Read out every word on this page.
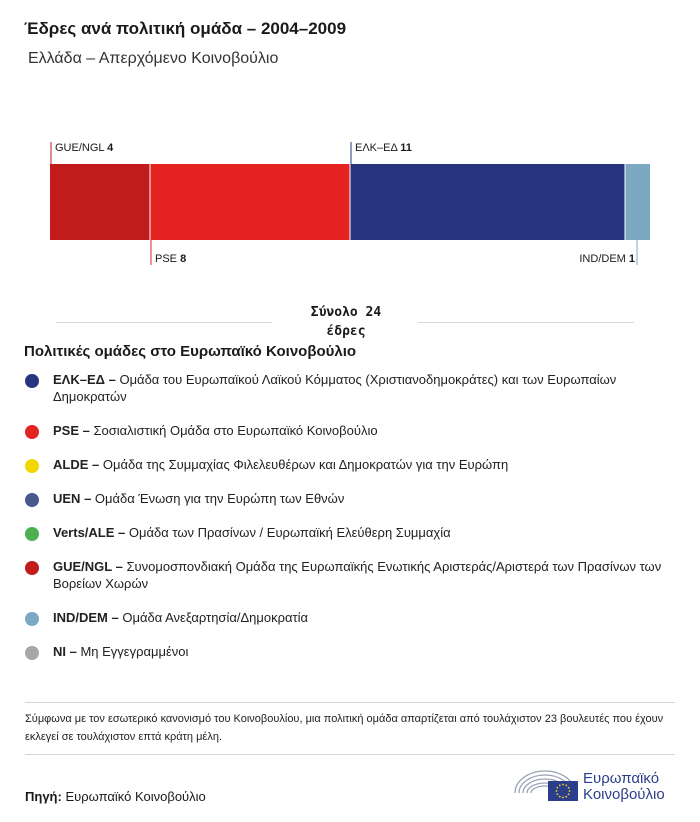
Έδρες ανά πολιτική ομάδα – 2004–2009
Ελλάδα – Απερχόμενο Κοινοβούλιο
GUE/NGL 4
PSE 8
ΕΛΚ–ΕΔ 11
IND/DEM 1
Σύνολο 24
έδρες
Πολιτικές ομάδες στο Ευρωπαϊκό Κοινοβούλιο
ΕΛΚ–ΕΔ – Ομάδα του Ευρωπαϊκού Λαϊκού Κόμματος (Χριστιανοδημοκράτες) και των Ευρωπαίων Δημοκρατών
PSE – Σοσιαλιστική Ομάδα στο Ευρωπαϊκό Κοινοβούλιο
ALDE – Ομάδα της Συμμαχίας Φιλελευθέρων και Δημοκρατών για την Ευρώπη
UEN – Ομάδα Ένωση για την Ευρώπη των Εθνών
Verts/ALE – Ομάδα των Πρασίνων / Ευρωπαϊκή Ελεύθερη Συμμαχία
GUE/NGL – Συνομοσπονδιακή Ομάδα της Ευρωπαϊκής Ενωτικής Αριστεράς/Αριστερά των Πρασίνων των Βορείων Χωρών
IND/DEM – Ομάδα Ανεξαρτησία/Δημοκρατία
NI – Μη Εγγεγραμμένοι
Σύμφωνα με τον εσωτερικό κανονισμό του Κοινοβουλίου, μια πολιτική ομάδα απαρτίζεται από τουλάχιστον 23 βουλευτές που έχουν εκλεγεί σε τουλάχιστον επτά κράτη μέλη.
Πηγή: Ευρωπαϊκό Κοινοβούλιο
Ευρωπαϊκό
Κοινοβούλιο
